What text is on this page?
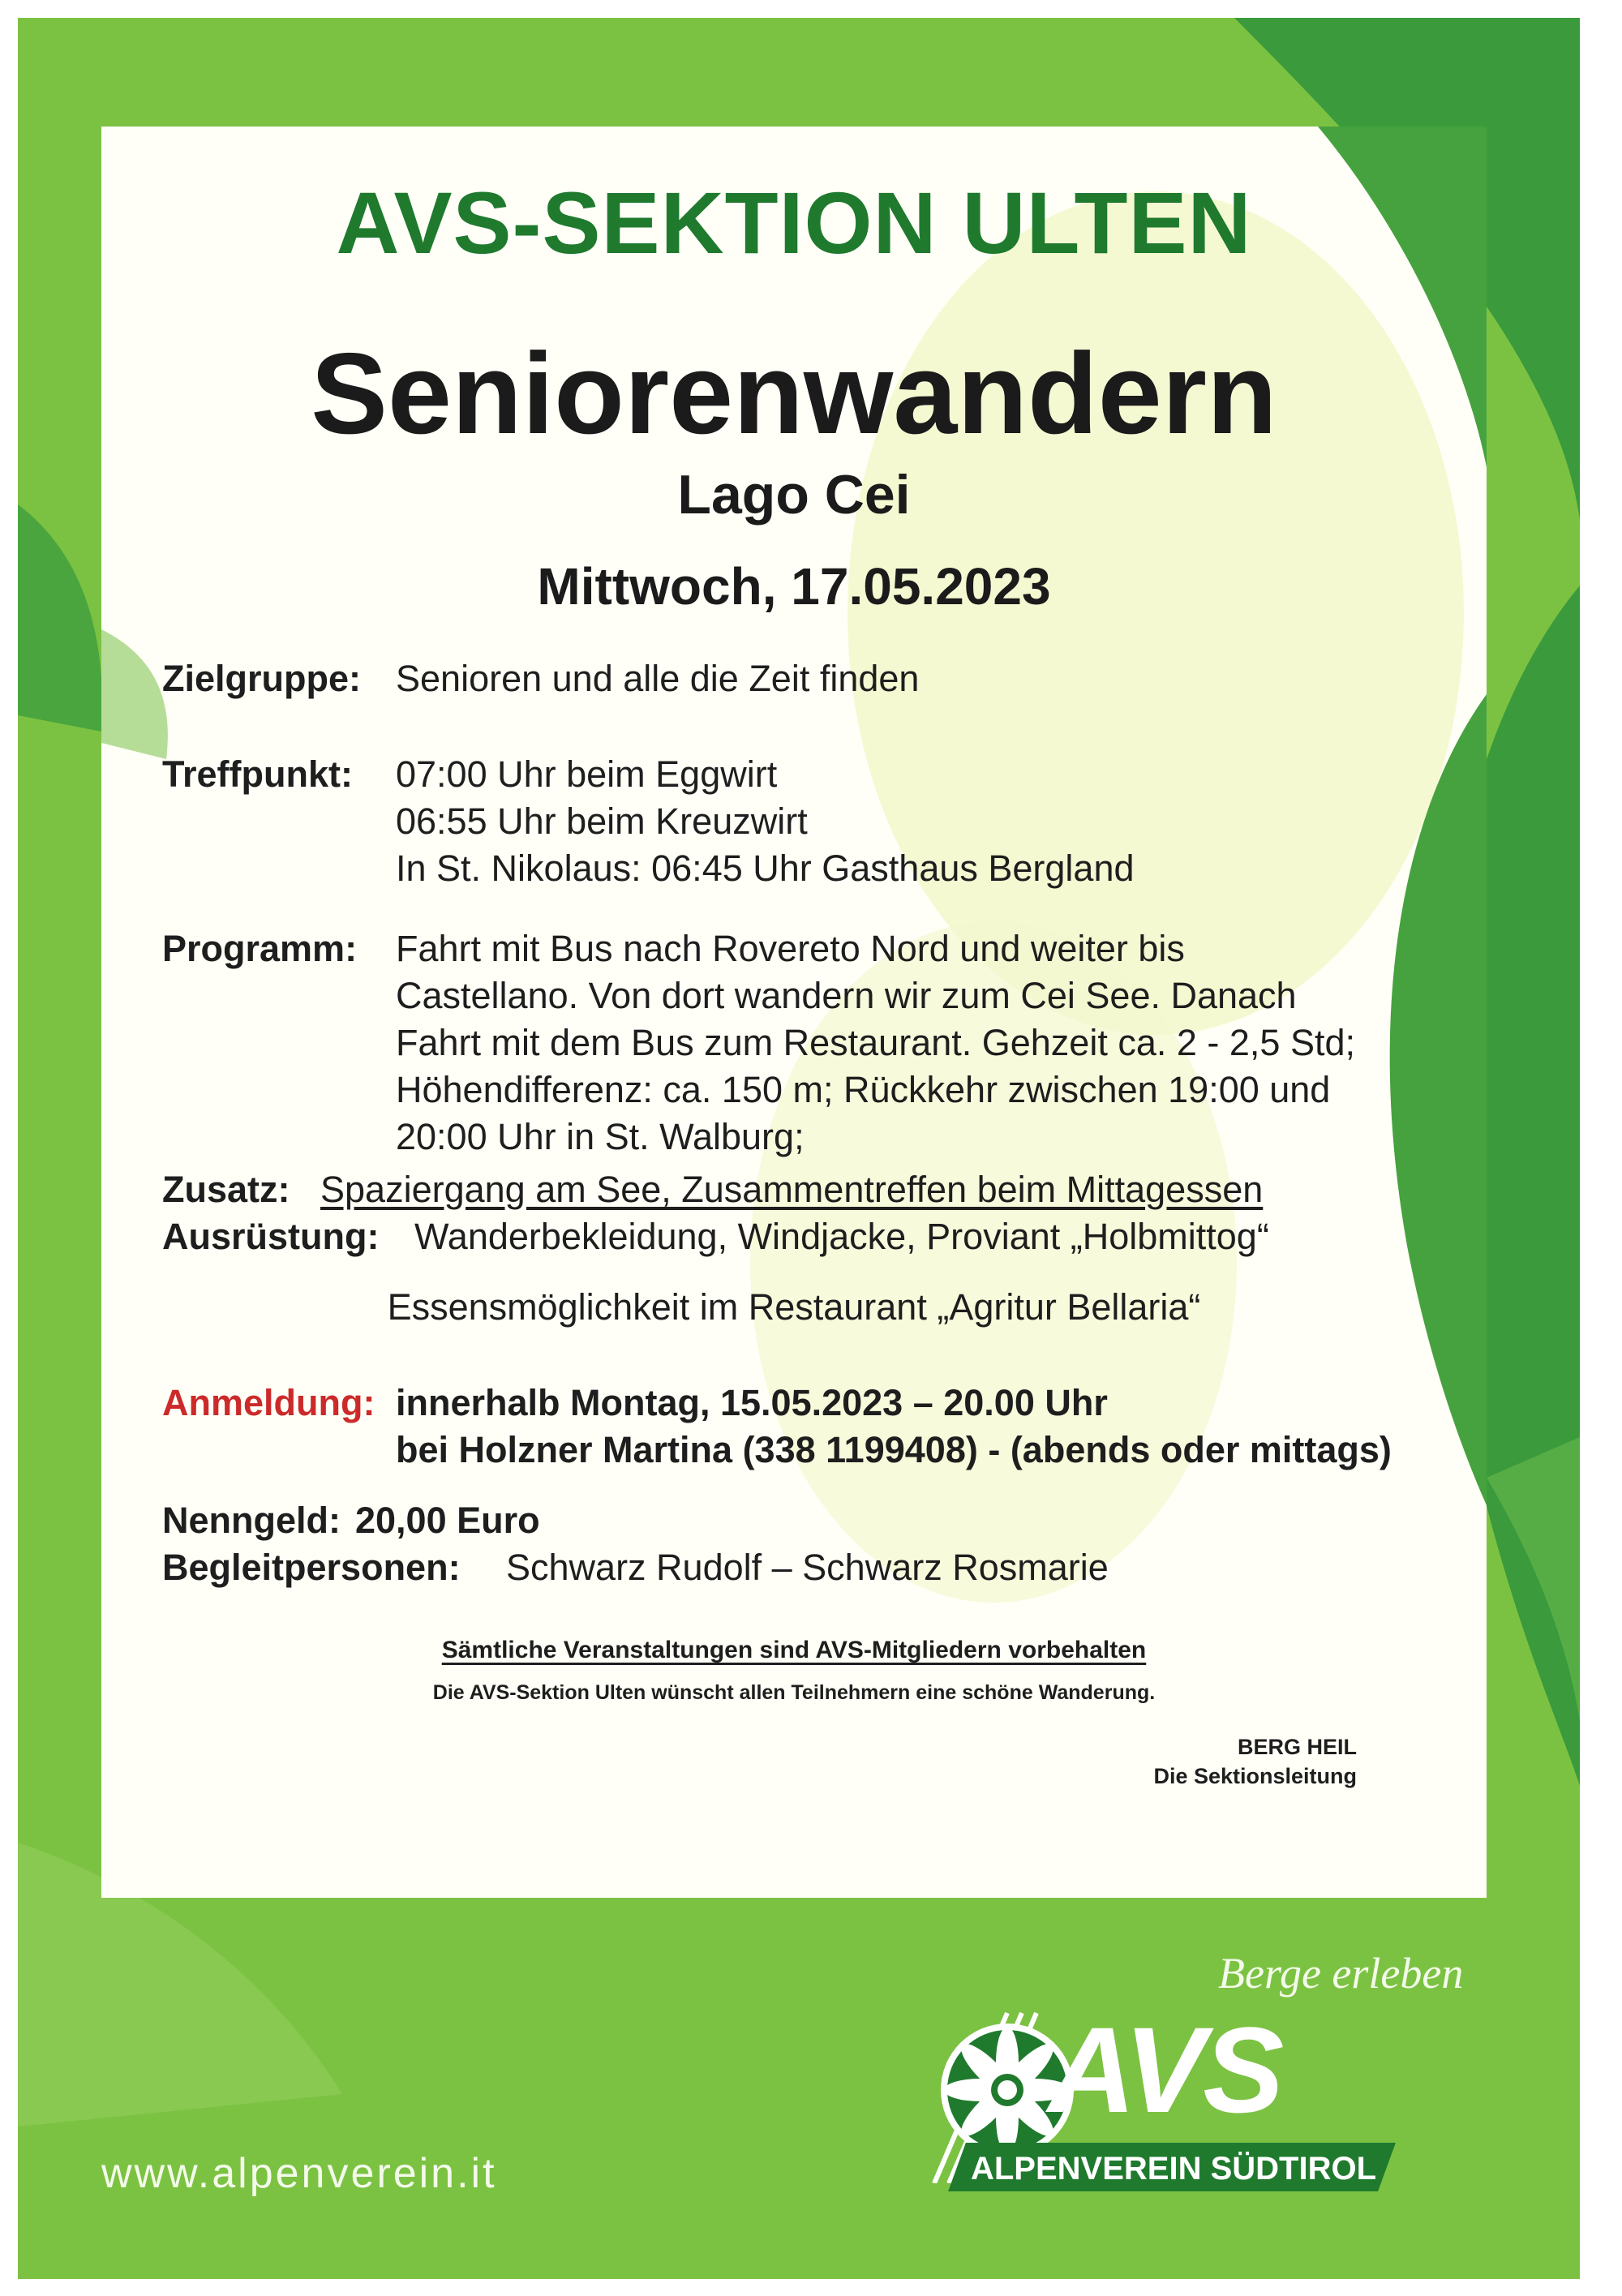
AVS-SEKTION ULTEN
Seniorenwandern
Lago Cei
Mittwoch, 17.05.2023
Zielgruppe: Senioren und alle die Zeit finden
Treffpunkt: 07:00 Uhr beim Eggwirt
06:55 Uhr beim Kreuzwirt
In St. Nikolaus: 06:45 Uhr Gasthaus Bergland
Programm: Fahrt mit Bus nach Rovereto Nord und weiter bis
Castellano. Von dort wandern wir zum Cei See. Danach
Fahrt mit dem Bus zum Restaurant. Gehzeit ca. 2 - 2,5 Std;
Höhendifferenz: ca. 150 m; Rückkehr zwischen 19:00 und
20:00 Uhr in St. Walburg;
Zusatz: Spaziergang am See, Zusammentreffen beim Mittagessen
Ausrüstung: Wanderbekleidung, Windjacke, Proviant „Holbmittog“
Essensmöglichkeit im Restaurant „Agritur Bellaria“
Anmeldung: innerhalb Montag, 15.05.2023 – 20.00 Uhr
bei Holzner Martina (338 1199408) - (abends oder mittags)
Nenngeld: 20,00 Euro
Begleitpersonen: Schwarz Rudolf – Schwarz Rosmarie
Sämtliche Veranstaltungen sind AVS-Mitgliedern vorbehalten
Die AVS-Sektion Ulten wünscht allen Teilnehmern eine schöne Wanderung.
BERG HEIL
Die Sektionsleitung
Berge erleben
www.alpenverein.it
AVS
ALPENVEREIN SÜDTIROL
